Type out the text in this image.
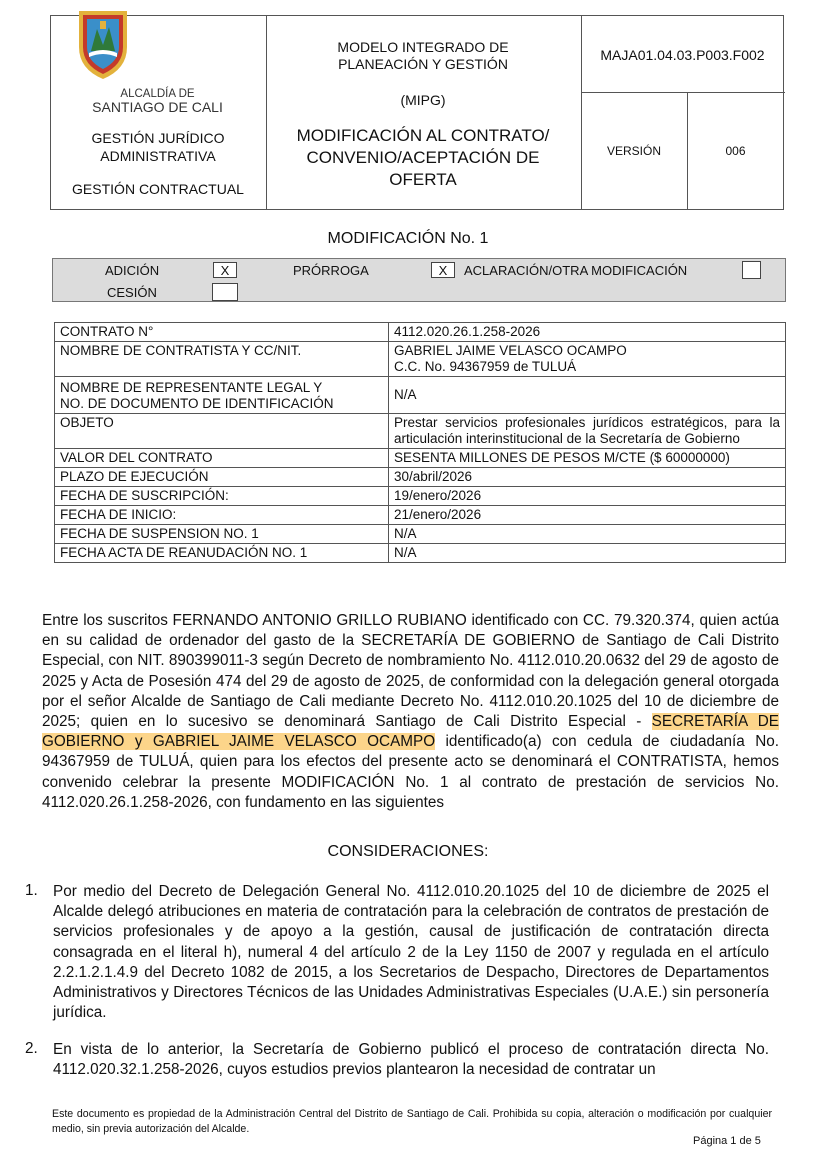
ALCALDÍA DE
SANTIAGO DE CALI
GESTIÓN JURÍDICO
ADMINISTRATIVA
GESTIÓN CONTRACTUAL
MODELO INTEGRADO DE
PLANEACIÓN Y GESTIÓN
(MIPG)
MODIFICACIÓN AL CONTRATO/
CONVENIO/ACEPTACIÓN DE
OFERTA
MAJA01.04.03.P003.F002
VERSIÓN	006
MODIFICACIÓN No. 1
ADICIÓN	X	PRÓRROGA	X	ACLARACIÓN/OTRA MODIFICACIÓN
CESIÓN
CONTRATO N°	4112.020.26.1.258-2026
NOMBRE DE CONTRATISTA Y CC/NIT.	GABRIEL JAIME VELASCO OCAMPO
C.C. No. 94367959 de TULUÁ

NOMBRE DE REPRESENTANTE LEGAL Y
NO. DE DOCUMENTO DE IDENTIFICACIÓN	N/A
OBJETO	Prestar servicios profesionales jurídicos estratégicos, para la articulación interinstitucional de la Secretaría de Gobierno
VALOR DEL CONTRATO	SESENTA MILLONES DE PESOS M/CTE ($ 60000000)
PLAZO DE EJECUCIÓN	30/abril/2026
FECHA DE SUSCRIPCIÓN:	19/enero/2026
FECHA DE INICIO:	21/enero/2026
FECHA DE SUSPENSION NO. 1	N/A
FECHA ACTA DE REANUDACIÓN NO. 1	N/A
Entre los suscritos FERNANDO ANTONIO GRILLO RUBIANO identificado con CC. 79.320.374, quien actúa en su calidad de ordenador del gasto de la SECRETARÍA DE GOBIERNO de Santiago de Cali Distrito Especial, con NIT. 890399011-3 según Decreto de nombramiento No. 4112.010.20.0632 del 29 de agosto de 2025 y Acta de Posesión 474 del 29 de agosto de 2025, de conformidad con la delegación general otorgada por el señor Alcalde de Santiago de Cali mediante Decreto No. 4112.010.20.1025 del 10 de diciembre de 2025; quien en lo sucesivo se denominará Santiago de Cali Distrito Especial - SECRETARÍA DE GOBIERNO y GABRIEL JAIME VELASCO OCAMPO identificado(a) con cedula de ciudadanía No. 94367959 de TULUÁ, quien para los efectos del presente acto se denominará el CONTRATISTA, hemos convenido celebrar la presente MODIFICACIÓN No. 1 al contrato de prestación de servicios No. 4112.020.26.1.258-2026, con fundamento en las siguientes
CONSIDERACIONES:
1. Por medio del Decreto de Delegación General No. 4112.010.20.1025 del 10 de diciembre de 2025 el Alcalde delegó atribuciones en materia de contratación para la celebración de contratos de prestación de servicios profesionales y de apoyo a la gestión, causal de justificación de contratación directa consagrada en el literal h), numeral 4 del artículo 2 de la Ley 1150 de 2007 y regulada en el artículo 2.2.1.2.1.4.9 del Decreto 1082 de 2015, a los Secretarios de Despacho, Directores de Departamentos Administrativos y Directores Técnicos de las Unidades Administrativas Especiales (U.A.E.) sin personería jurídica.
2. En vista de lo anterior, la Secretaría de Gobierno publicó el proceso de contratación directa No. 4112.020.32.1.258-2026, cuyos estudios previos plantearon la necesidad de contratar un
Este documento es propiedad de la Administración Central del Distrito de Santiago de Cali. Prohibida su copia, alteración o modificación por cualquier medio, sin previa autorización del Alcalde.
Página 1 de 5
